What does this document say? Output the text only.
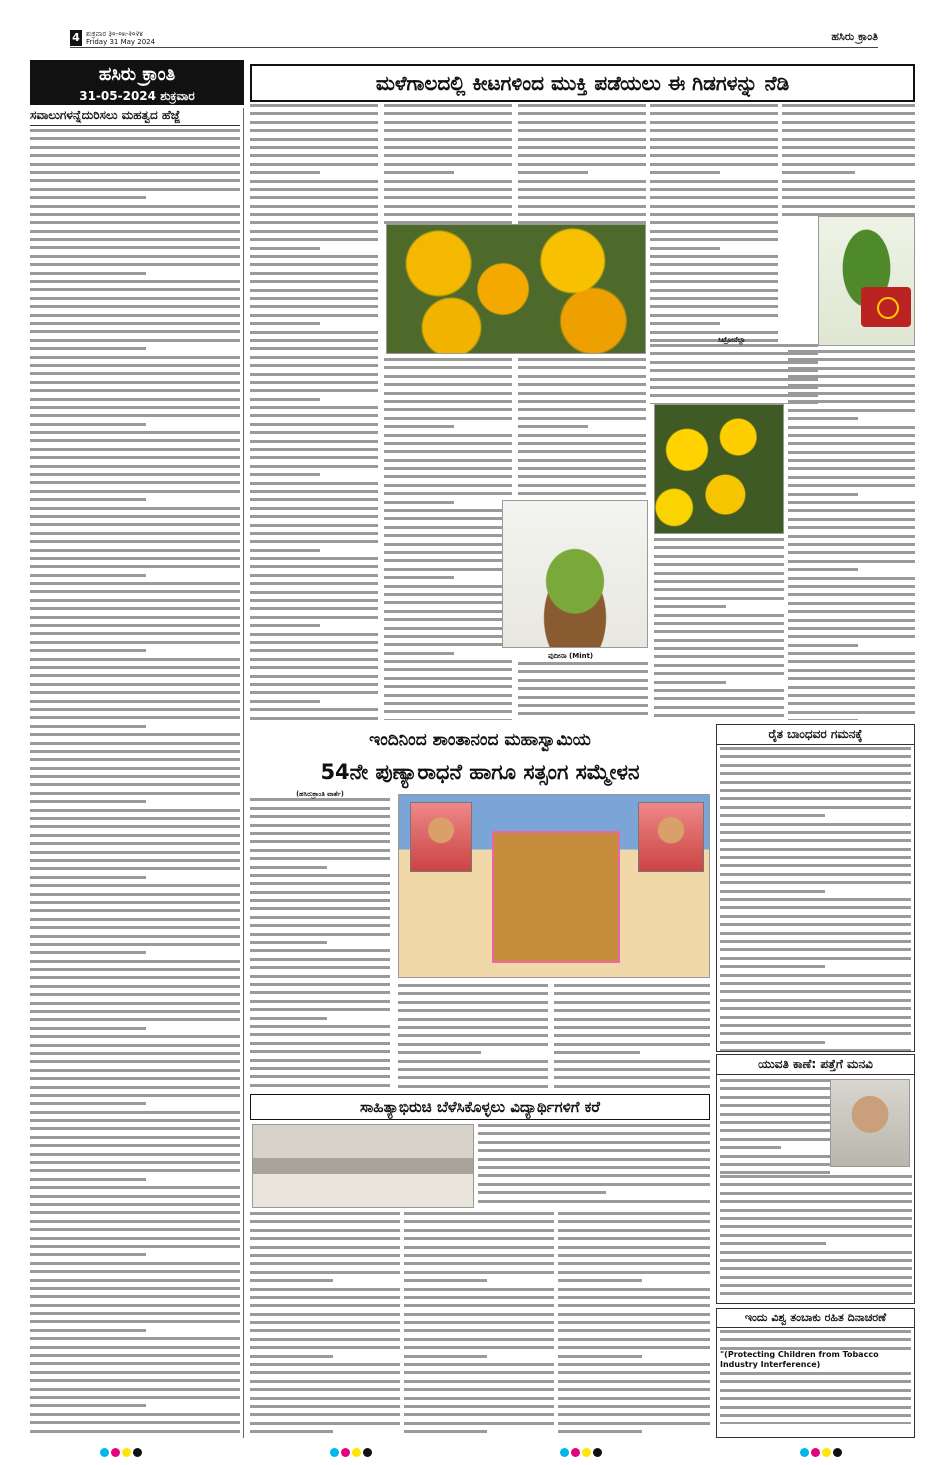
4 ಶುಕ್ರವಾರ ३०-०೫-२०२४
Friday 31 May 2024	ಹಸಿರು ಕ್ರಾಂತಿ
ಹಸಿರು ಕ್ರಾಂತಿ
31-05-2024 ಶುಕ್ರವಾರ
ಸವಾಲುಗಳನ್ನೆದುರಿಸಲು ಮಹತ್ವದ ಹೆಜ್ಜೆ
ಮಳೆಗಾಲದಲ್ಲಿ ಕೀಟಗಳಿಂದ ಮುಕ್ತಿ ಪಡೆಯಲು ಈ ಗಿಡಗಳನ್ನು ನೆಡಿ
ಸಿಟ್ರೋನೆಲ್ಲಾ
ಪುದೀನಾ (Mint)
ಇಂದಿನಿಂದ ಶಾಂತಾನಂದ ಮಹಾಸ್ವಾಮಿಯ
54ನೇ ಪುಣ್ಯಾರಾಧನೆ ಹಾಗೂ ಸತ್ಸಂಗ ಸಮ್ಮೇಳನ
(ಹಸಿರುಕ್ರಾಂತಿ ವಾರ್ತೆ)
ಸಾಹಿತ್ಯಾಭಿರುಚಿ ಬೆಳೆಸಿಕೊಳ್ಳಲು ವಿದ್ಯಾರ್ಥಿಗಳಿಗೆ ಕರೆ
ರೈತ ಬಾಂಧವರ ಗಮನಕ್ಕೆ
ಯುವತಿ ಕಾಣೆ: ಪತ್ತೆಗೆ ಮನವಿ
ಇಂದು ವಿಶ್ವ ತಂಬಾಕು ರಹಿತ ದಿನಾಚರಣೆ
"(Protecting Children from Tobacco Industry Interference)
